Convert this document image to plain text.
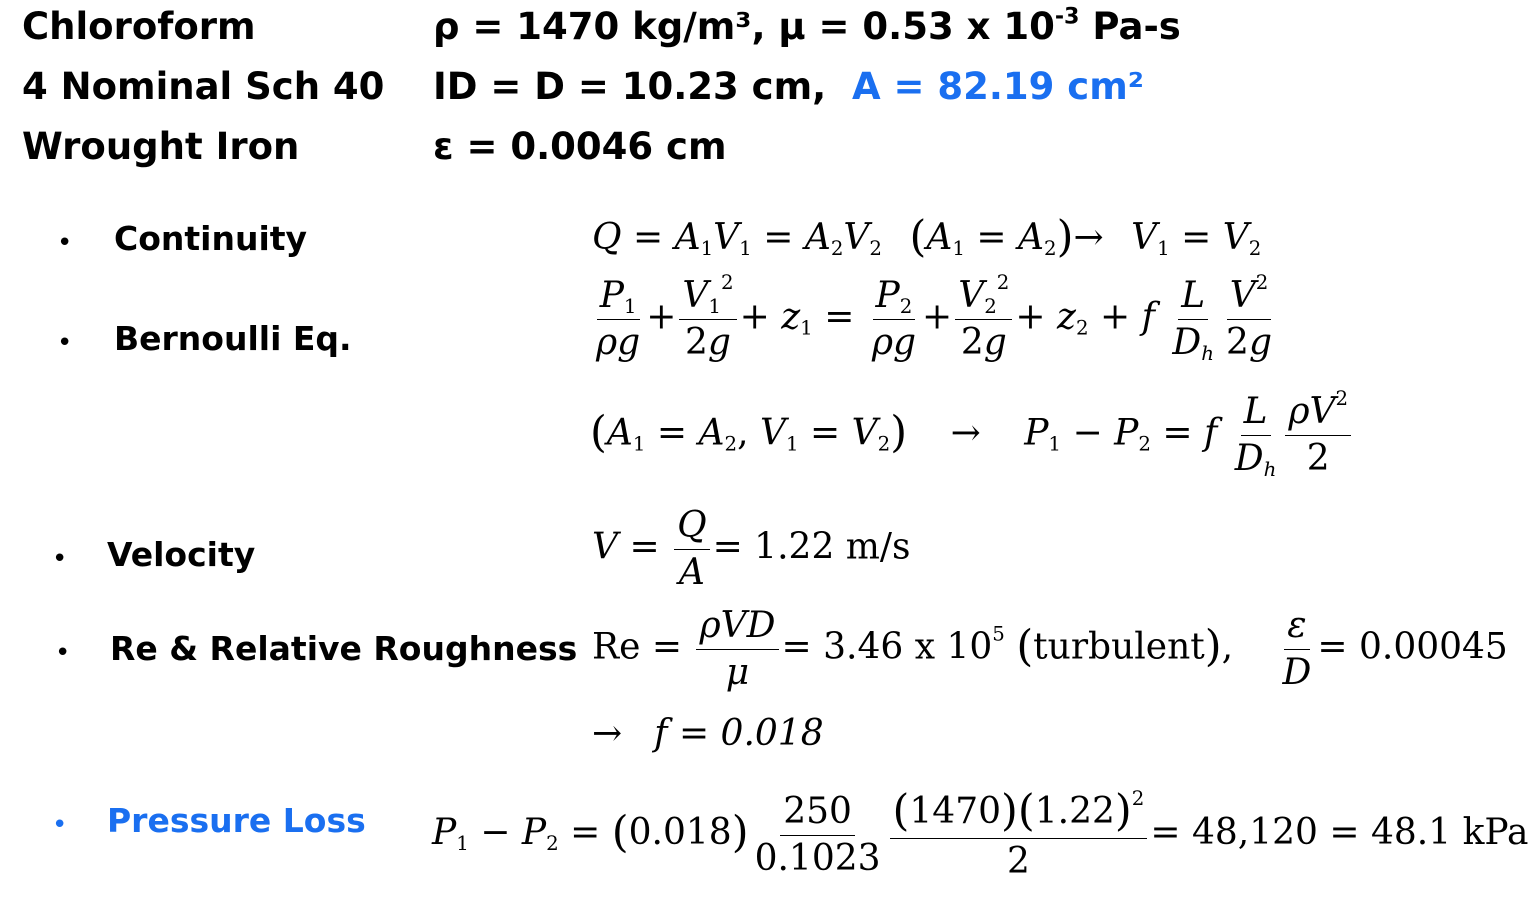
Chloroform	ρ = 1470 kg/m³, μ = 0.53 x $10^{-3}$ Pa-s
4 Nominal Sch 40 ID = D = 10.23 cm, A = 82.19 cm²
Wrought Iron	ε = 0.0046 cm
• Continuity
• Bernoulli Eq.
• Velocity
• Re & Relative Roughness
• Pressure Loss
$Q = A_1V_1 = A_2V_2$ $(A_1 = A_2)\to V_1 = V_2$
$\frac{P_1}{\rho g} + \frac{V_1^2}{2g} + z_1 = \frac{P_2}{\rho g} + \frac{V_2^2}{2g} + z_2 + f \frac{L}{D_h} \frac{V^2}{2g}$
($A_1 = A_2$, $V_1 = V_2) \to P_1 - P_2 = f \frac{L}{D_h} \frac{\rho V^2}{2}$
$V = \frac{Q}{A} = 1.22$ m/s
$Re = \frac{\text{ρVD}}{\mu} = 3.46$ x $10^5$ (turbulent), $\frac{\varepsilon}{D} = 0.00045$
→ f = 0.018
$P_1 - P_2 = (0.018) \frac{250}{0.1023} \frac{(1470)(1.22)^2}{2} = 48,120 = 48.1$ kPa
